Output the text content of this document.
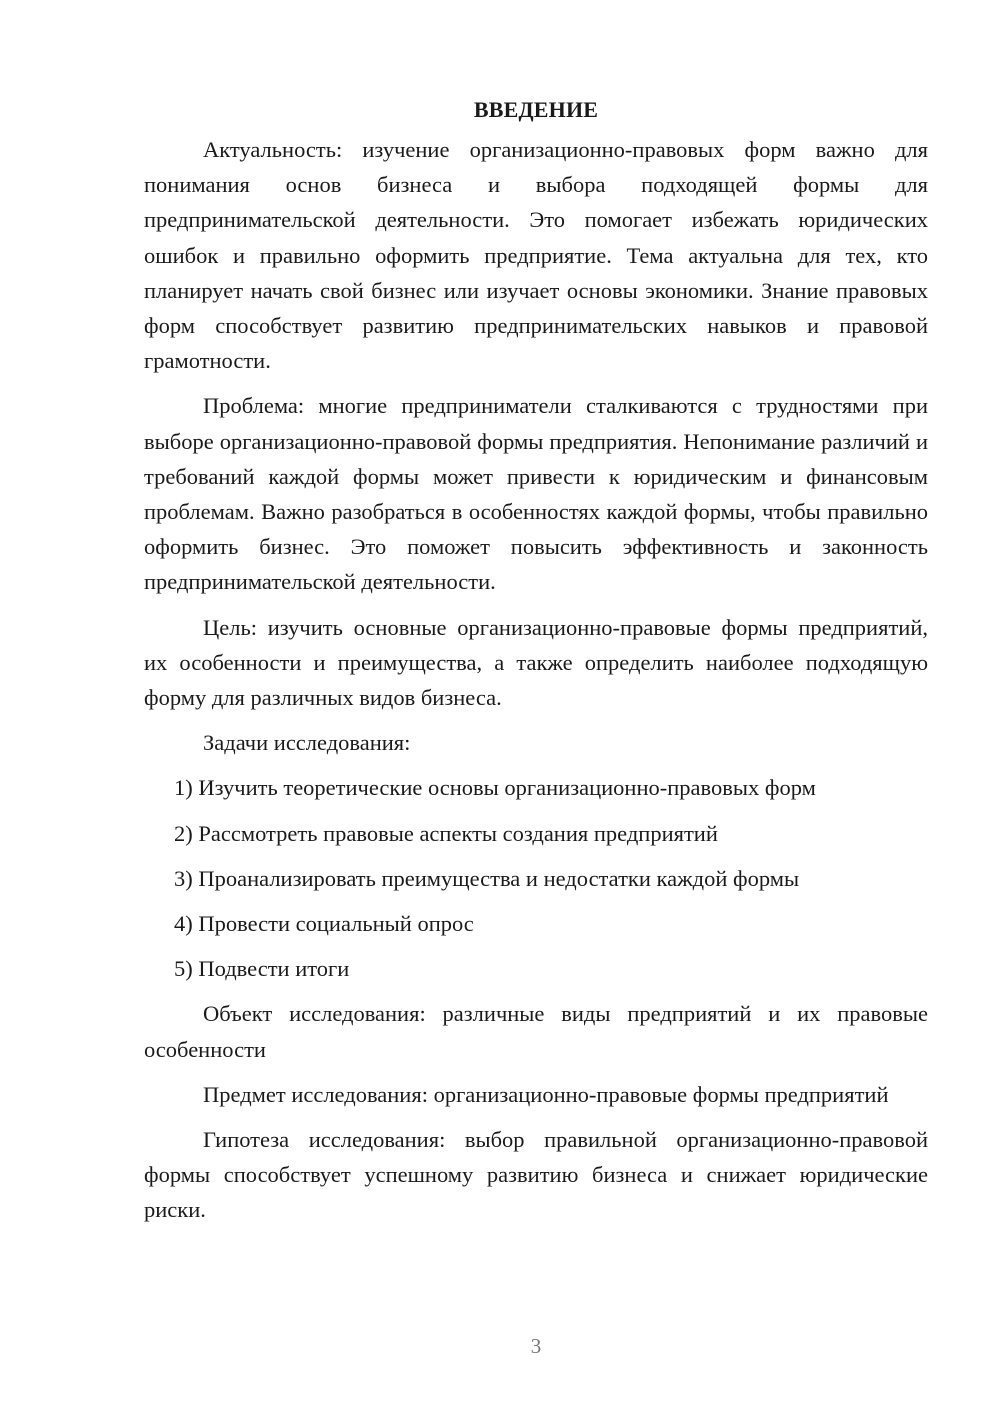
ВВЕДЕНИЕ

Актуальность: изучение организационно-правовых форм важно для понимания основ бизнеса и выбора подходящей формы для предпринимательской деятельности. Это помогает избежать юридических ошибок и правильно оформить предприятие. Тема актуальна для тех, кто планирует начать свой бизнес или изучает основы экономики. Знание правовых форм способствует развитию предпринимательских навыков и правовой грамотности.

Проблема: многие предприниматели сталкиваются с трудностями при выборе организационно-правовой формы предприятия. Непонимание различий и требований каждой формы может привести к юридическим и финансовым проблемам. Важно разобраться в особенностях каждой формы, чтобы правильно оформить бизнес. Это поможет повысить эффективность и законность предпринимательской деятельности.

Цель: изучить основные организационно-правовые формы предприятий, их особенности и преимущества, а также определить наиболее подходящую форму для различных видов бизнеса.

Задачи исследования:

1) Изучить теоретические основы организационно-правовых форм
2) Рассмотреть правовые аспекты создания предприятий
3) Проанализировать преимущества и недостатки каждой формы
4) Провести социальный опрос
5) Подвести итоги

Объект исследования: различные виды предприятий и их правовые особенности

Предмет исследования: организационно-правовые формы предприятий

Гипотеза исследования: выбор правильной организационно-правовой формы способствует успешному развитию бизнеса и снижает юридические риски.

3
